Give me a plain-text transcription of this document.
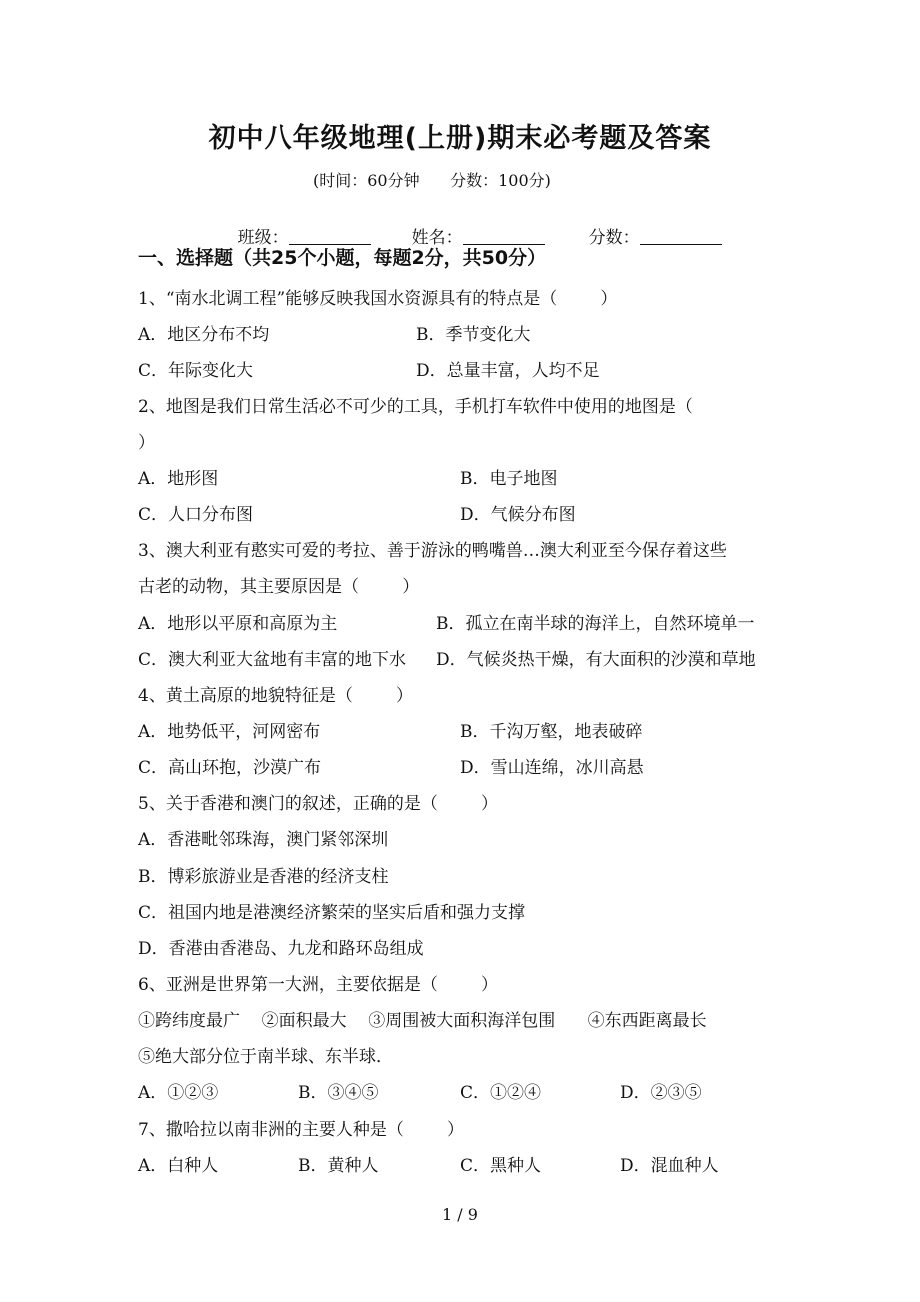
初中八年级地理(上册)期末必考题及答案
(时间：60分钟      分数：100分)

班级：
	姓名：
	分数：

一、选择题（共25个小题，每题2分，共50分）
1、“南水北调工程”能够反映我国水资源具有的特点是（        ）
A．地区分布不均	B．季节变化大
C．年际变化大	D．总量丰富，人均不足
2、地图是我们日常生活必不可少的工具，手机打车软件中使用的地图是（
）
A．地形图	B．电子地图
C．人口分布图	D．气候分布图
3、澳大利亚有憨实可爱的考拉、善于游泳的鸭嘴兽…澳大利亚至今保存着这些
古老的动物，其主要原因是（        ）
A．地形以平原和高原为主	B．孤立在南半球的海洋上，自然环境单一
C．澳大利亚大盆地有丰富的地下水 D．气候炎热干燥，有大面积的沙漠和草地
4、黄土高原的地貌特征是（        ）
A．地势低平，河网密布	B．千沟万壑，地表破碎
C．高山环抱，沙漠广布	D．雪山连绵，冰川高悬
5、关于香港和澳门的叙述，正确的是（        ）
A．香港毗邻珠海，澳门紧邻深圳
B．博彩旅游业是香港的经济支柱
C．祖国内地是港澳经济繁荣的坚实后盾和强力支撑
D．香港由香港岛、九龙和路环岛组成
6、亚洲是世界第一大洲，主要依据是（        ）
①跨纬度最广    ②面积最大    ③周围被大面积海洋包围      ④东西距离最长
⑤绝大部分位于南半球、东半球．
A．①②③	B．③④⑤	C．①②④	D．②③⑤
7、撒哈拉以南非洲的主要人种是（        ）
A．白种人	B．黄种人	C．黑种人	D．混血种人
1 / 9
